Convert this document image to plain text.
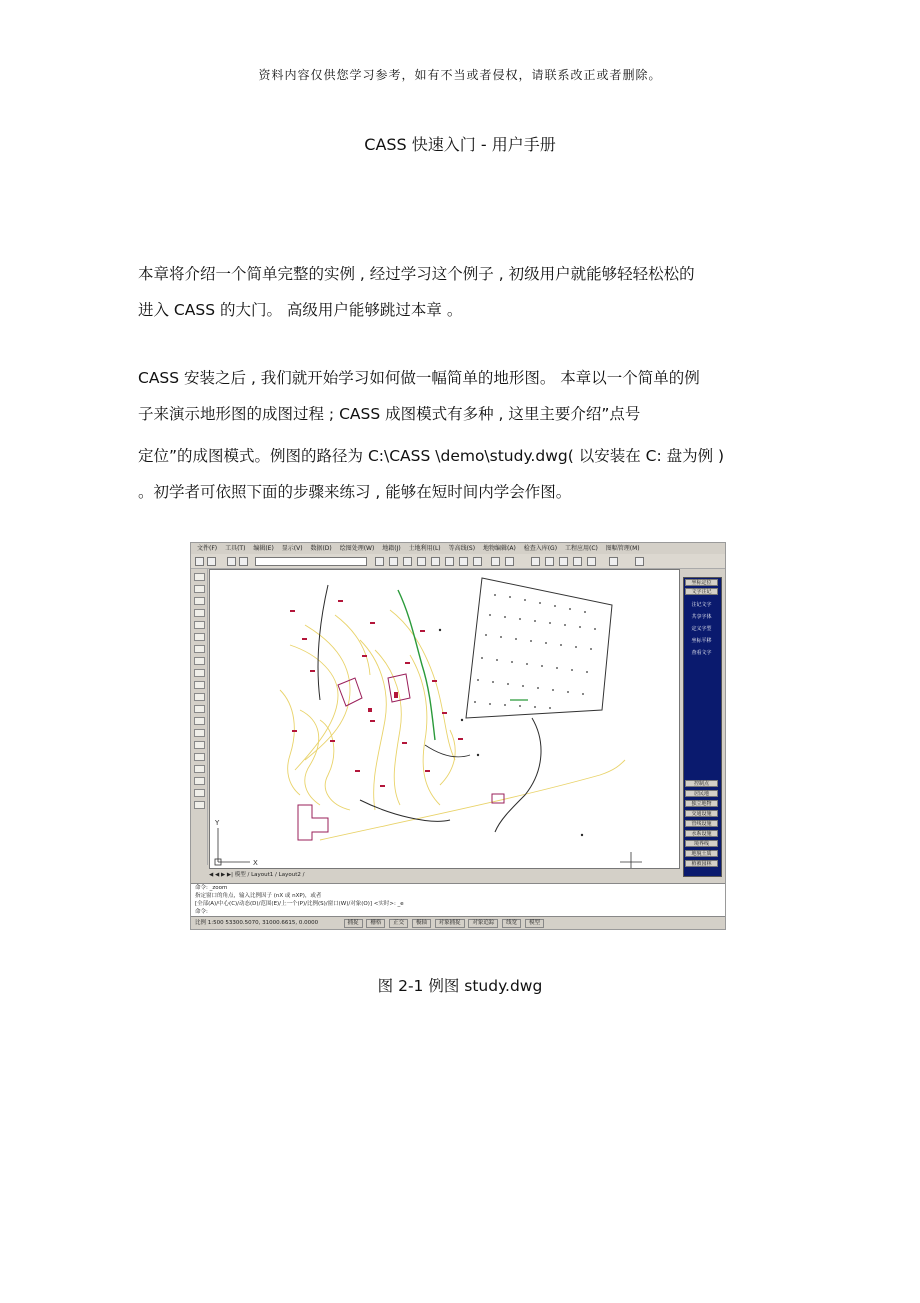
资料内容仅供您学习参考，如有不当或者侵权，请联系改正或者删除。
CASS 快速入门 - 用户手册
本章将介绍一个简单完整的实例 , 经过学习这个例子 , 初级用户就能够轻轻松松的
进入 CASS 的大门。 高级用户能够跳过本章 。
CASS 安装之后 , 我们就开始学习如何做一幅简单的地形图。 本章以一个简单的例
子来演示地形图的成图过程 ; CASS 成图模式有多种 , 这里主要介绍”点号
定位”的成图模式。例图的路径为 C:\CASS \demo\study.dwg( 以安装在 C: 盘为例 )
。初学者可依照下面的步骤来练习 , 能够在短时间内学会作图。
文件(F) 工具(T) 编辑(E) 显示(V) 数据(D) 绘图处理(W) 地籍(J) 土地利用(L) 等高线(S) 地物编辑(A) 检查入库(G) 工程应用(C) 图幅管理(M)
Y
X
坐标定位
文字注记
注记文字
共享字体
定义字型
坐标平移
查看文字
控制点
居民地
独立地物
交通设施
管线设施
水系设施
境界线
地貌土质
植被园林
◀ ◀ ▶ ▶| 模型 / Layout1 / Layout2 /
命令: _zoom
指定窗口的角点，输入比例因子 (nX 或 nXP)，或者
[全部(A)/中心(C)/动态(D)/范围(E)/上一个(P)/比例(S)/窗口(W)/对象(O)] <实时>: _e
命令:
比例 1:500 53300.5070, 31000.6615, 0.0000	捕捉 栅格 正交 极轴 对象捕捉 对象追踪 线宽 模型
图 2-1 例图 study.dwg
